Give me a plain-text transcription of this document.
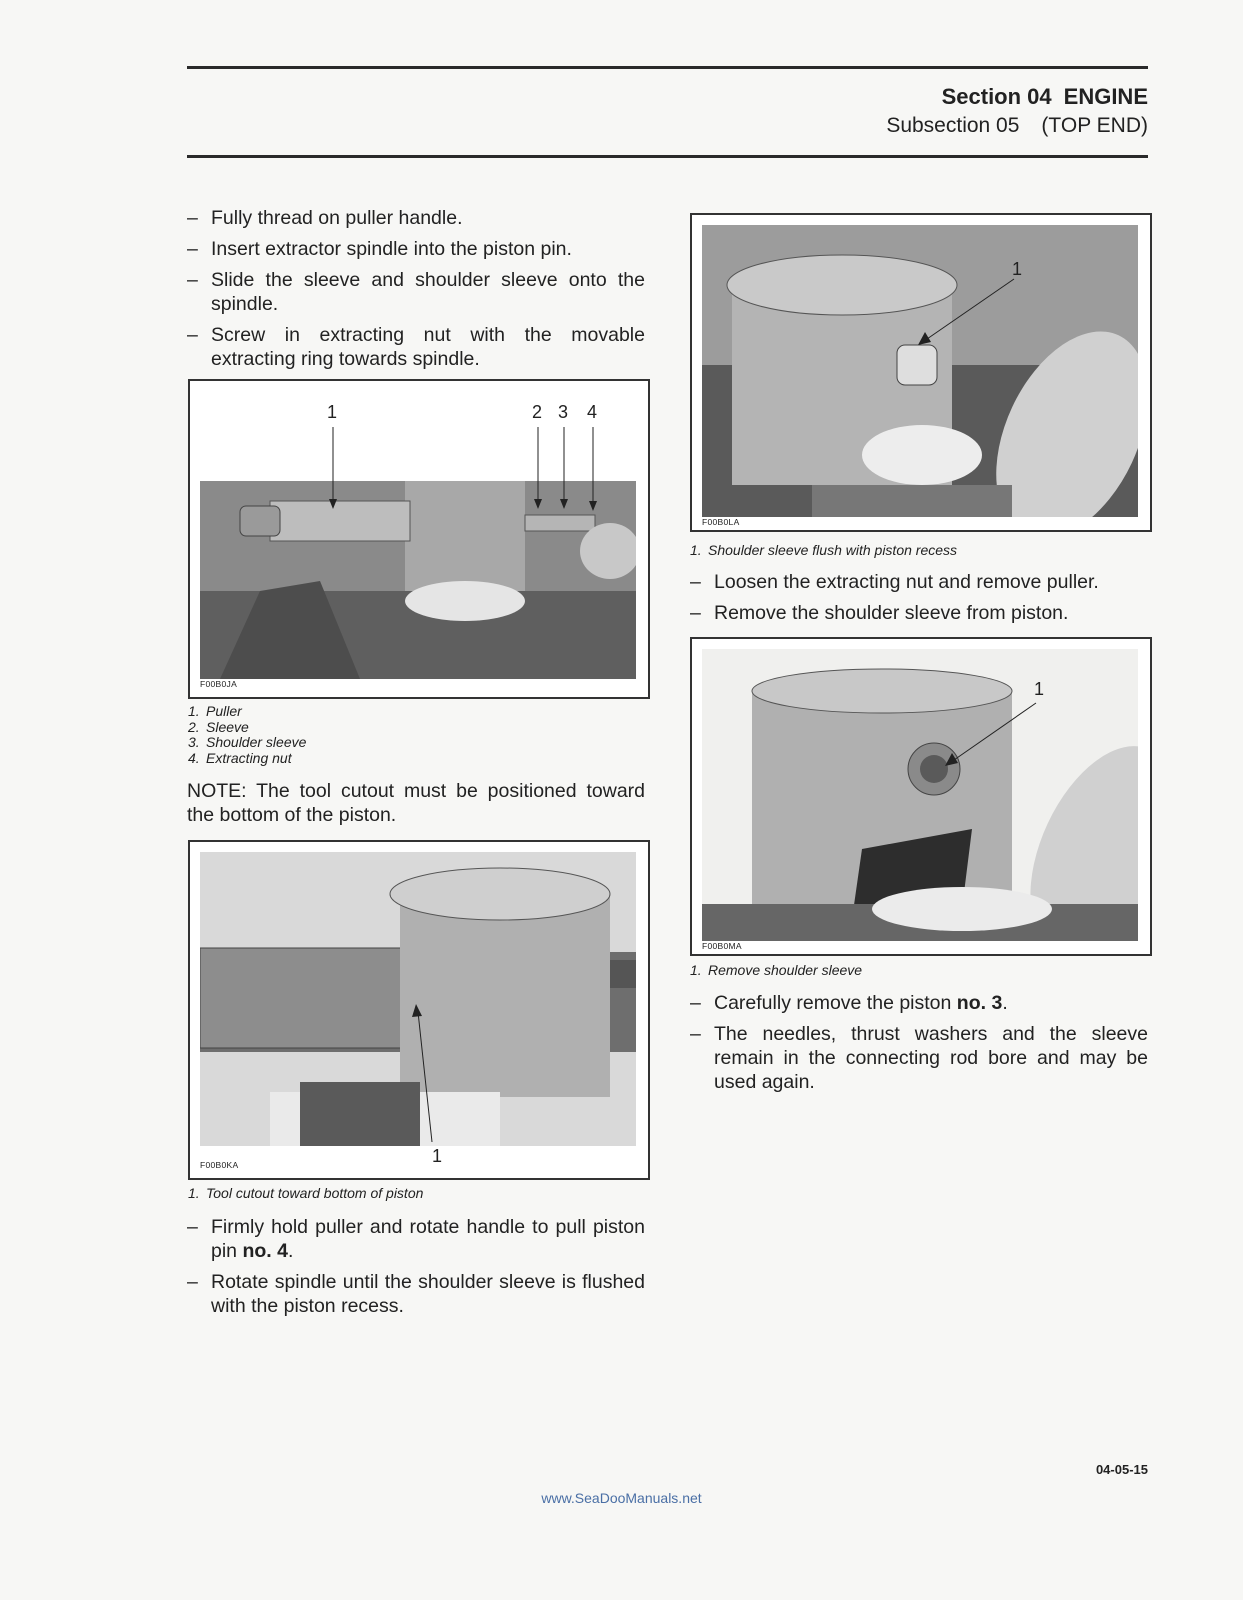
Section 04 ENGINE
Subsection 05 (TOP END)
– Fully thread on puller handle.
– Insert extractor spindle into the piston pin.
– Slide the sleeve and shoulder sleeve onto the spindle.
– Screw in extracting nut with the movable extracting ring towards spindle.
1	2 3 4
F00B0JA
1. Puller
2. Sleeve
3. Shoulder sleeve
4. Extracting nut
NOTE: The tool cutout must be positioned toward the bottom of the piston.
1
F00B0KA
1. Tool cutout toward bottom of piston
– Firmly hold puller and rotate handle to pull piston pin no. 4.
– Rotate spindle until the shoulder sleeve is flushed with the piston recess.
1
F00B0LA
1. Shoulder sleeve flush with piston recess
– Loosen the extracting nut and remove puller.
– Remove the shoulder sleeve from piston.
1
F00B0MA
1. Remove shoulder sleeve
– Carefully remove the piston no. 3.
– The needles, thrust washers and the sleeve remain in the connecting rod bore and may be used again.
04-05-15
www.SeaDooManuals.net
